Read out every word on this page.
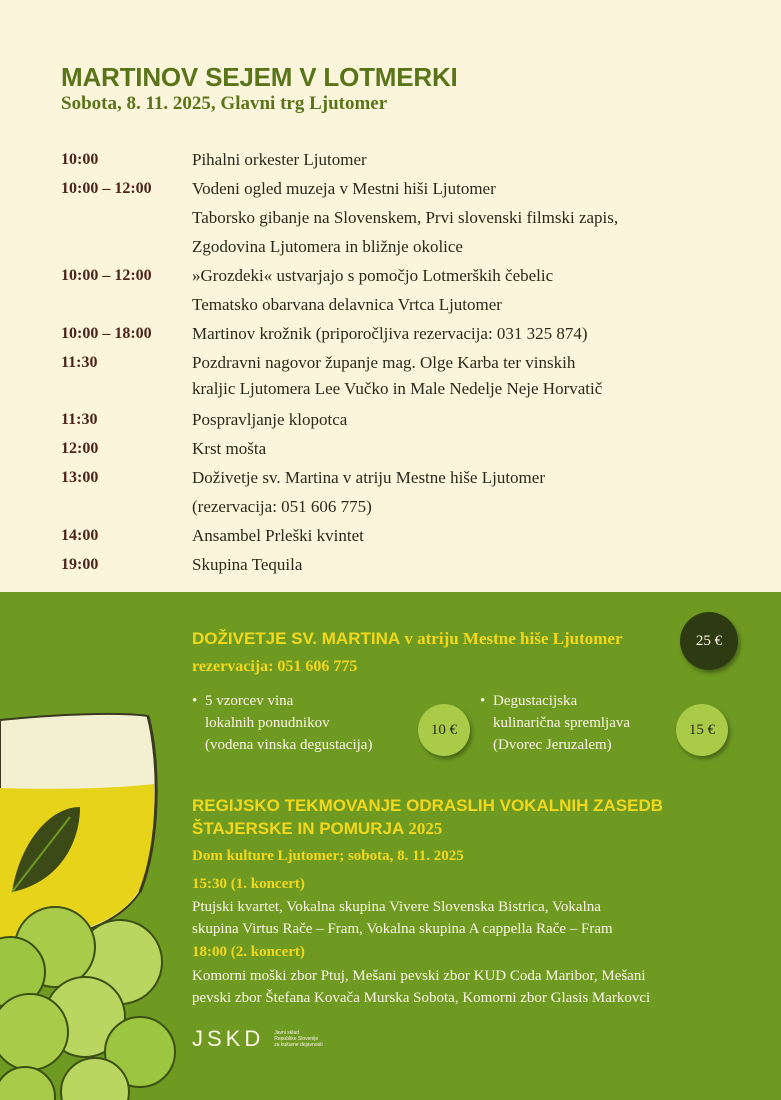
MARTINOV SEJEM V LOTMERKI
Sobota, 8. 11. 2025, Glavni trg Ljutomer
10:00	Pihalni orkester Ljutomer
10:00 – 12:00	Vodeni ogled muzeja v Mestni hiši Ljutomer
Taborsko gibanje na Slovenskem, Prvi slovenski filmski zapis,
Zgodovina Ljutomera in bližnje okolice
10:00 – 12:00	»Grozdeki« ustvarjajo s pomočjo Lotmerških čebelic
Tematsko obarvana delavnica Vrtca Ljutomer
10:00 – 18:00	Martinov krožnik (priporočljiva rezervacija: 031 325 874)
11:30	Pozdravni nagovor županje mag. Olge Karba ter vinskih
kraljic Ljutomera Lee Vučko in Male Nedelje Neje Horvatič
11:30	Pospravljanje klopotca
12:00	Krst mošta
13:00	Doživetje sv. Martina v atriju Mestne hiše Ljutomer
(rezervacija: 051 606 775)
14:00	Ansambel Prleški kvintet
19:00	Skupina Tequila
DOŽIVETJE SV. MARTINA v atriju Mestne hiše Ljutomer	25 €
rezervacija: 051 606 775
• 5 vzorcev vina
lokalnih ponudnikov
(vodena vinska degustacija)
10 €
• Degustacijska
kulinarična spremljava
(Dvorec Jeruzalem)
15 €
REGIJSKO TEKMOVANJE ODRASLIH VOKALNIH ZASEDB
ŠTAJERSKE IN POMURJA 2025
Dom kulture Ljutomer; sobota, 8. 11. 2025
15:30 (1. koncert)
Ptujski kvartet, Vokalna skupina Vivere Slovenska Bistrica, Vokalna
skupina Virtus Rače – Fram, Vokalna skupina A cappella Rače – Fram
18:00 (2. koncert)
Komorni moški zbor Ptuj, Mešani pevski zbor KUD Coda Maribor, Mešani
pevski zbor Štefana Kovača Murska Sobota, Komorni zbor Glasis Markovci
JSKD Javni sklad
Republike Slovenije
za kulturne dejavnosti
